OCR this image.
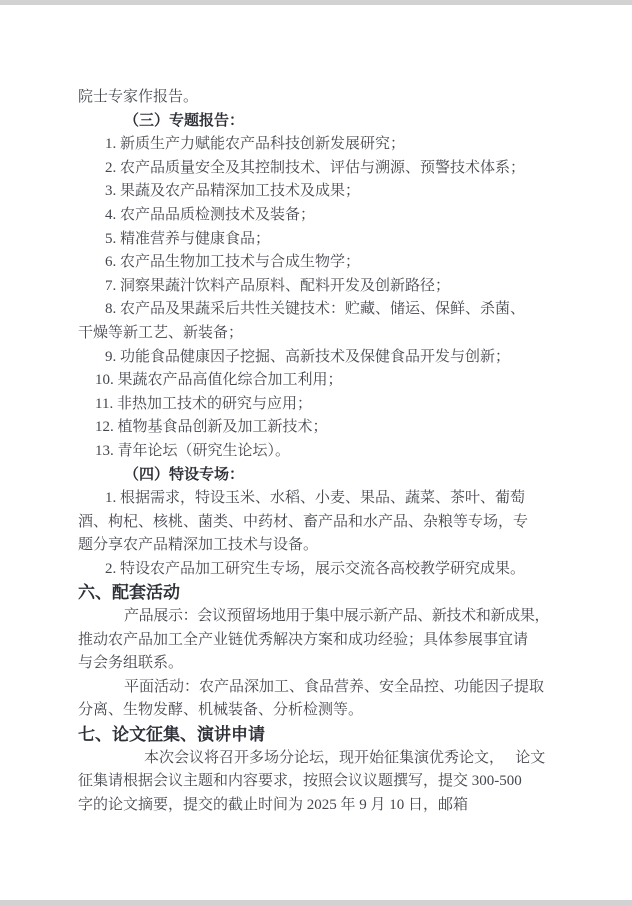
院士专家作报告。
（三）专题报告：
1. 新质生产力赋能农产品科技创新发展研究；
2. 农产品质量安全及其控制技术、评估与溯源、预警技术体系；
3. 果蔬及农产品精深加工技术及成果；
4. 农产品品质检测技术及装备；
5. 精准营养与健康食品；
6. 农产品生物加工技术与合成生物学；
7. 洞察果蔬汁饮料产品原料、配料开发及创新路径；
8. 农产品及果蔬采后共性关键技术：贮藏、储运、保鲜、杀菌、
干燥等新工艺、新装备；
9. 功能食品健康因子挖掘、高新技术及保健食品开发与创新；
10. 果蔬农产品高值化综合加工利用；
11. 非热加工技术的研究与应用；
12. 植物基食品创新及加工新技术；
13. 青年论坛（研究生论坛）。
（四）特设专场：
1. 根据需求，特设玉米、水稻、小麦、果品、蔬菜、茶叶、葡萄
酒、枸杞、核桃、菌类、中药材、畜产品和水产品、杂粮等专场，专
题分享农产品精深加工技术与设备。
2. 特设农产品加工研究生专场，展示交流各高校教学研究成果。
六、配套活动
产品展示：会议预留场地用于集中展示新产品、新技术和新成果，
推动农产品加工全产业链优秀解决方案和成功经验；具体参展事宜请
与会务组联系。
平面活动：农产品深加工、食品营养、安全品控、功能因子提取
分离、生物发酵、机械装备、分析检测等。
七、论文征集、演讲申请
本次会议将召开多场分论坛，现开始征集演优秀论文，　 论文
征集请根据会议主题和内容要求，按照会议议题撰写，提交 300-500
字的论文摘要，提交的截止时间为 2025 年 9 月 10 日，邮箱
